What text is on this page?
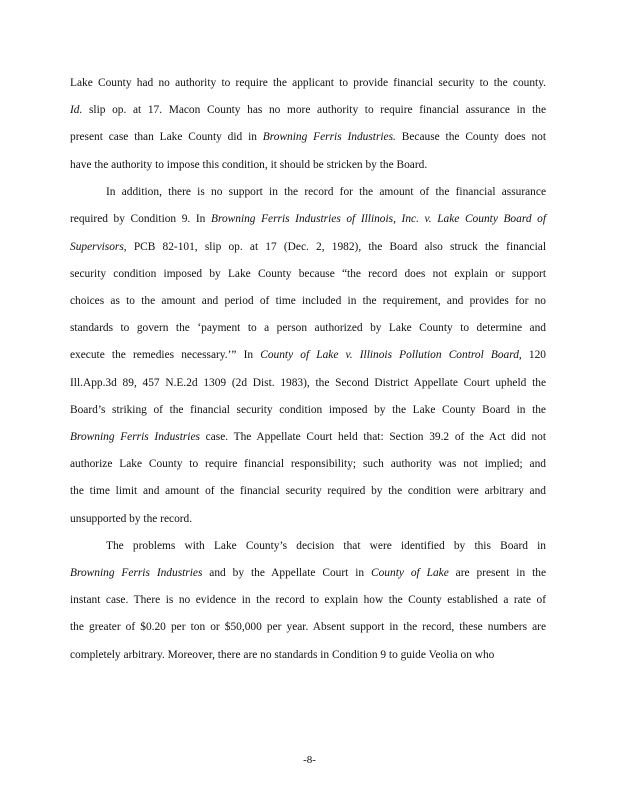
Lake County had no authority to require the applicant to provide financial security to the county.
Id. slip op. at 17. Macon County has no more authority to require financial assurance in the
present case than Lake County did in Browning Ferris Industries. Because the County does not
have the authority to impose this condition, it should be stricken by the Board.
In addition, there is no support in the record for the amount of the financial assurance
required by Condition 9. In Browning Ferris Industries of Illinois, Inc. v. Lake County Board of
Supervisors, PCB 82-101, slip op. at 17 (Dec. 2, 1982), the Board also struck the financial
security condition imposed by Lake County because “the record does not explain or support
choices as to the amount and period of time included in the requirement, and provides for no
standards to govern the ‘payment to a person authorized by Lake County to determine and
execute the remedies necessary.’” In County of Lake v. Illinois Pollution Control Board, 120
Ill.App.3d 89, 457 N.E.2d 1309 (2d Dist. 1983), the Second District Appellate Court upheld the
Board’s striking of the financial security condition imposed by the Lake County Board in the
Browning Ferris Industries case. The Appellate Court held that: Section 39.2 of the Act did not
authorize Lake County to require financial responsibility; such authority was not implied; and
the time limit and amount of the financial security required by the condition were arbitrary and
unsupported by the record.
The problems with Lake County’s decision that were identified by this Board in
Browning Ferris Industries and by the Appellate Court in County of Lake are present in the
instant case. There is no evidence in the record to explain how the County established a rate of
the greater of $0.20 per ton or $50,000 per year. Absent support in the record, these numbers are
completely arbitrary. Moreover, there are no standards in Condition 9 to guide Veolia on who
-8-
